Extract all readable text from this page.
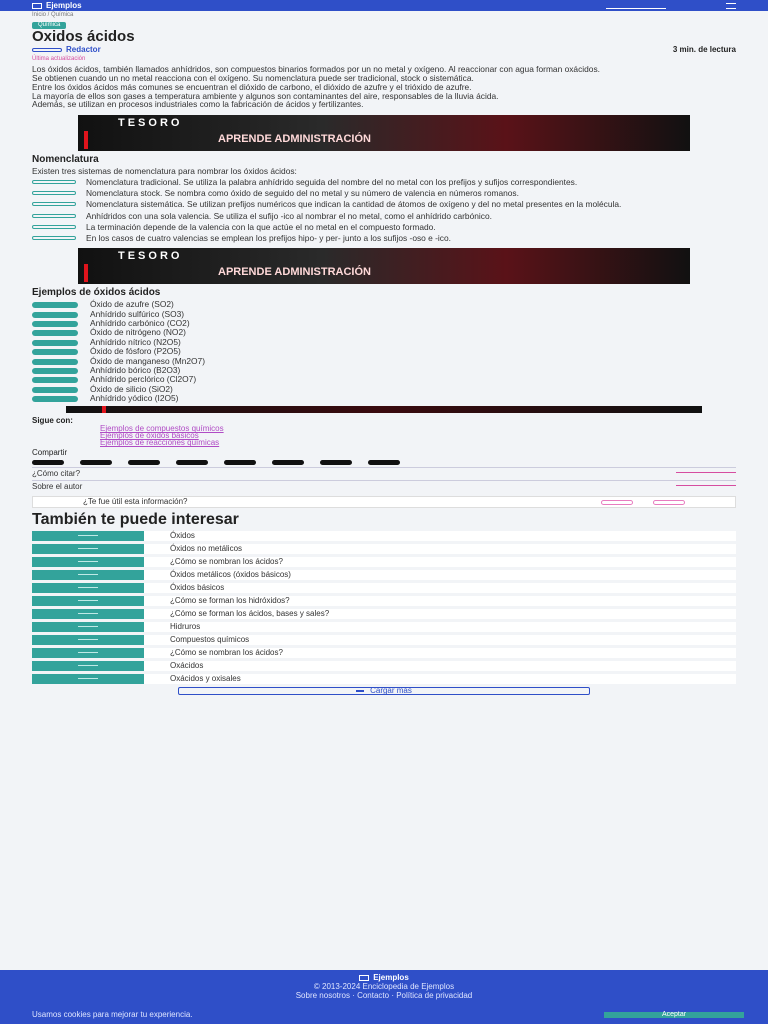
Ejemplos
Inicio / Química
Química
Oxidos ácidos
Redactor	3 min. de lectura
Última actualización

Los óxidos ácidos, también llamados anhídridos, son compuestos binarios formados por un no metal y oxígeno. Al reaccionar con agua forman oxácidos.

Se obtienen cuando un no metal reacciona con el oxígeno. Su nomenclatura puede ser tradicional, stock o sistemática.

Entre los óxidos ácidos más comunes se encuentran el dióxido de carbono, el dióxido de azufre y el trióxido de azufre.

La mayoría de ellos son gases a temperatura ambiente y algunos son contaminantes del aire, responsables de la lluvia ácida.

Además, se utilizan en procesos industriales como la fabricación de ácidos y fertilizantes.

TESORO
APRENDE ADMINISTRACIÓN
Nomenclatura
Existen tres sistemas de nomenclatura para nombrar los óxidos ácidos:
Nomenclatura tradicional. Se utiliza la palabra anhídrido seguida del nombre del no metal con los prefijos y sufijos correspondientes.
Nomenclatura stock. Se nombra como óxido de seguido del no metal y su número de valencia en números romanos.
Nomenclatura sistemática. Se utilizan prefijos numéricos que indican la cantidad de átomos de oxígeno y del no metal presentes en la molécula.
Anhídridos con una sola valencia. Se utiliza el sufijo -ico al nombrar el no metal, como el anhídrido carbónico.
La terminación depende de la valencia con la que actúe el no metal en el compuesto formado.
En los casos de cuatro valencias se emplean los prefijos hipo- y per- junto a los sufijos -oso e -ico.
TESORO
APRENDE ADMINISTRACIÓN
Ejemplos de óxidos ácidos
Óxido de azufre (SO2)
Anhídrido sulfúrico (SO3)
Anhídrido carbónico (CO2)
Óxido de nitrógeno (NO2)
Anhídrido nítrico (N2O5)
Óxido de fósforo (P2O5)
Óxido de manganeso (Mn2O7)
Anhídrido bórico (B2O3)
Anhídrido perclórico (Cl2O7)
Óxido de silicio (SiO2)
Anhídrido yódico (I2O5)
Sigue con:
Ejemplos de compuestos químicos
Ejemplos de óxidos básicos
Ejemplos de reacciones químicas
Compartir
¿Cómo citar?
Sobre el autor
¿Te fue útil esta información?
También te puede interesar
Óxidos
Óxidos no metálicos
¿Cómo se nombran los ácidos?
Óxidos metálicos (óxidos básicos)
Óxidos básicos
¿Cómo se forman los hidróxidos?
¿Cómo se forman los ácidos, bases y sales?
Hidruros
Compuestos químicos
¿Cómo se nombran los ácidos?
Oxácidos
Oxácidos y oxisales
Cargar más
Ejemplos
© 2013-2024 Enciclopedia de Ejemplos
Sobre nosotros · Contacto · Política de privacidad
Usamos cookies para mejorar tu experiencia.	Aceptar
